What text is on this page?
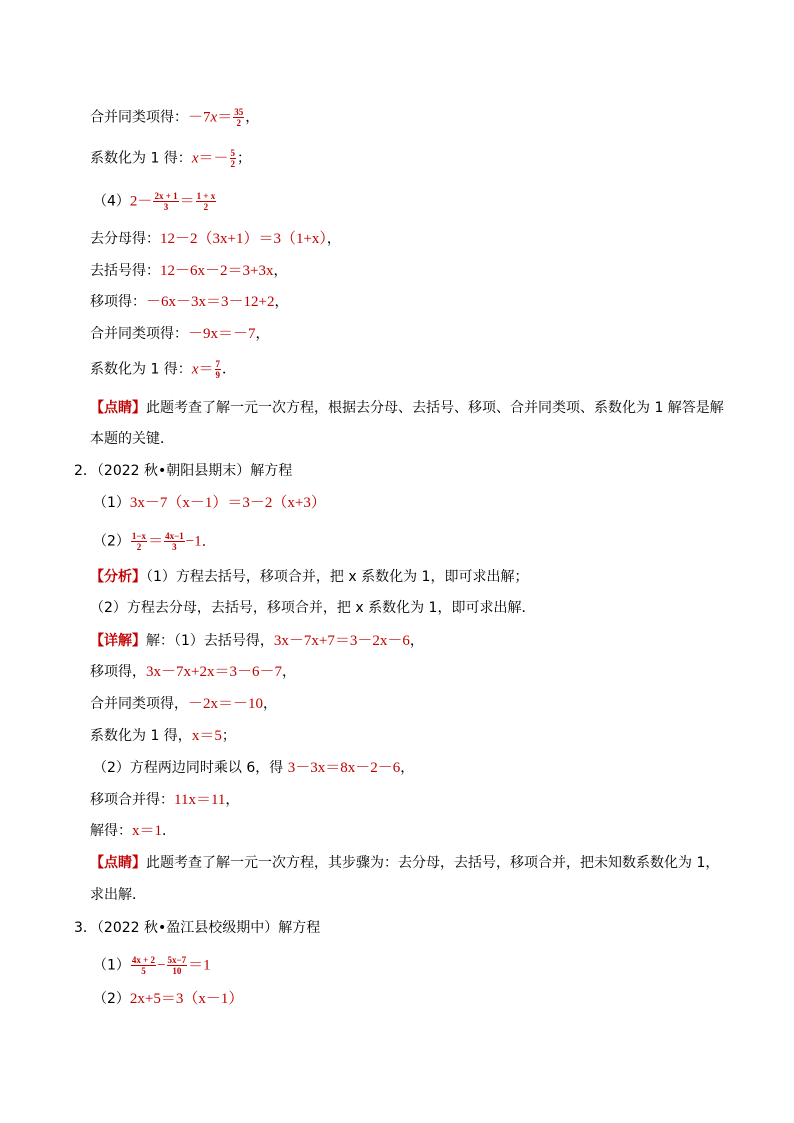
合并同类项得：$-7x= \frac{35}{2}$ ，
系数化为 1 得：$x=- \frac{5}{2}$ ；
$(4)2- \frac{2x + 1}{3} = \frac{1 + x}{2}$
去分母得：12－2（3x+1）＝3（1+x），
去括号得：12－6x－2＝3+3x，
移项得：－6x－3x＝3－12+2，
合并同类项得：－9x＝－7，
系数化为 1 得：$x= \frac{7}{9}$ ．
【点睛】此题考查了解一元一次方程，根据去分母、去括号、移项、合并同类项、系数化为 1 解答是解
本题的关键．
2．（2022 秋•朝阳县期末）解方程
（1）3x－7（x－1）＝3－2（x+3）
$(2) \frac{1-x}{2} = \frac{4x-1}{3} -1$．
【分析】（1）方程去括号，移项合并，把 x 系数化为 1，即可求出解；
（2）方程去分母，去括号，移项合并，把 x 系数化为 1，即可求出解．
【详解】解：（1）去括号得，3x－7x+7＝3－2x－6，
移项得，3x－7x+2x＝3－6－7，
合并同类项得，－2x＝－10，
系数化为 1 得，x＝5；
（2）方程两边同时乘以 6，得 3－3x＝8x－2－6，
移项合并得：11x＝11，
解得：x＝1．
【点睛】此题考查了解一元一次方程，其步骤为：去分母，去括号，移项合并，把未知数系数化为 1，
求出解．
3．（2022 秋•盈江县校级期中）解方程
$(1) \frac{4x + 2}{5} - \frac{5x-7}{10} =1$
（2）2x+5＝3（x－1）
